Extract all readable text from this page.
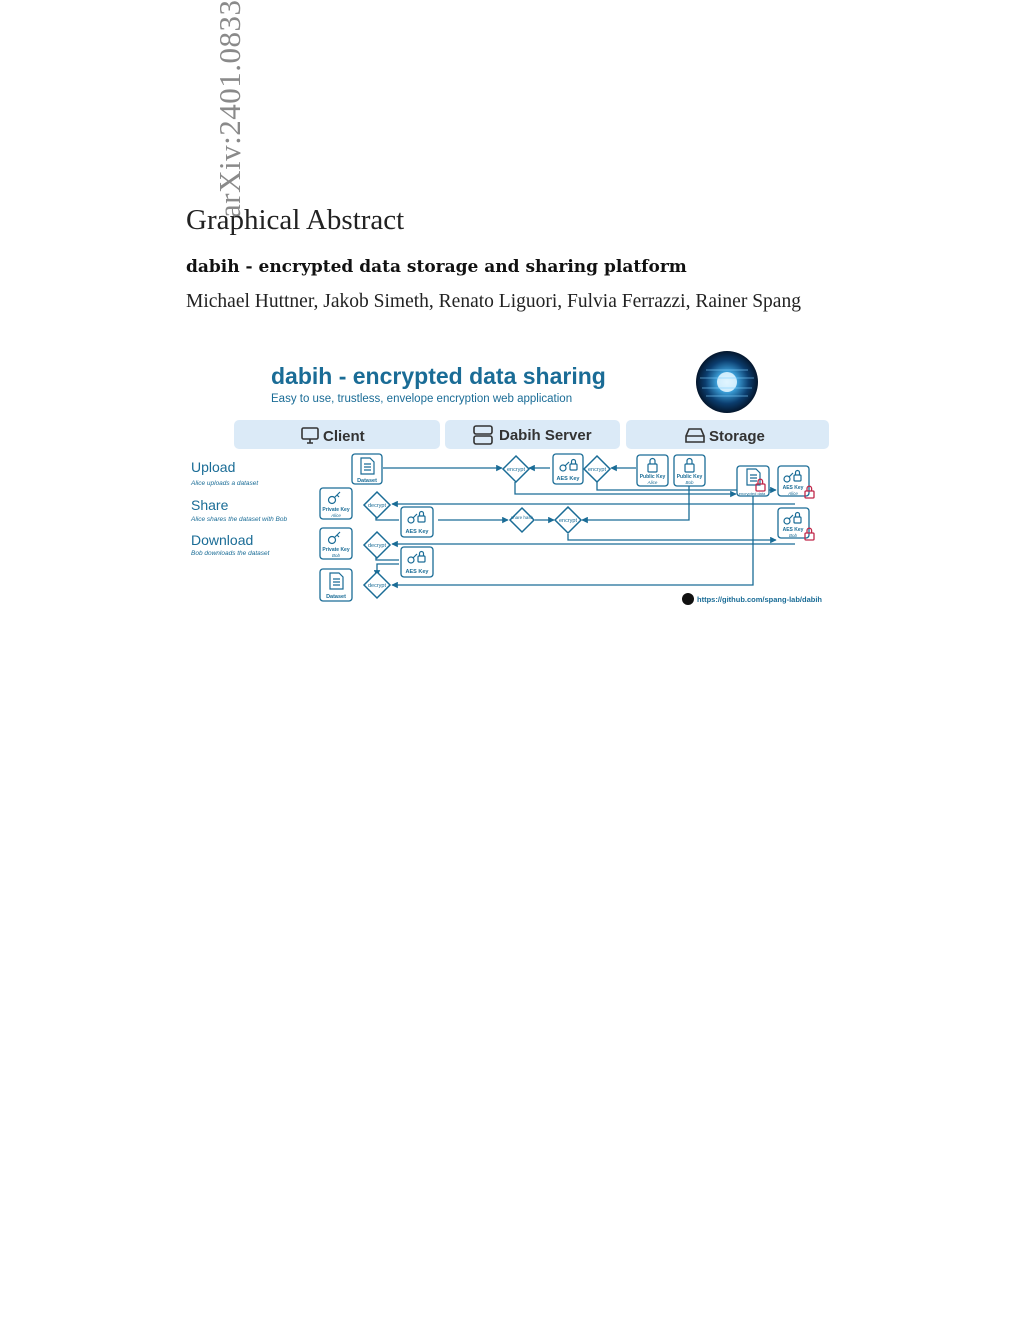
arXiv:2401.0833
Graphical Abstract
dabih - encrypted data storage and sharing platform
Michael Huttner, Jakob Simeth, Renato Liguori, Fulvia Ferrazzi, Rainer Spang
dabih - encrypted data sharing
Easy to use, trustless, envelope encryption web application
Client	Dabih Server	Storage
Upload
Alice uploads a dataset
Share
Alice shares the dataset with Bob
Download
Bob downloads the dataset
encrypt	encrypt
decrypt
share hash
encrypt
decrypt
decrypt
Dataset	AES Key	Public Key
Alice
Public Key
Bob
encrypted data
AES Key
Alice
AES Key
Bob
Private Key
Alice
AES Key
Private Key
Bob
AES Key
Dataset	https://github.com/spang-lab/dabih
